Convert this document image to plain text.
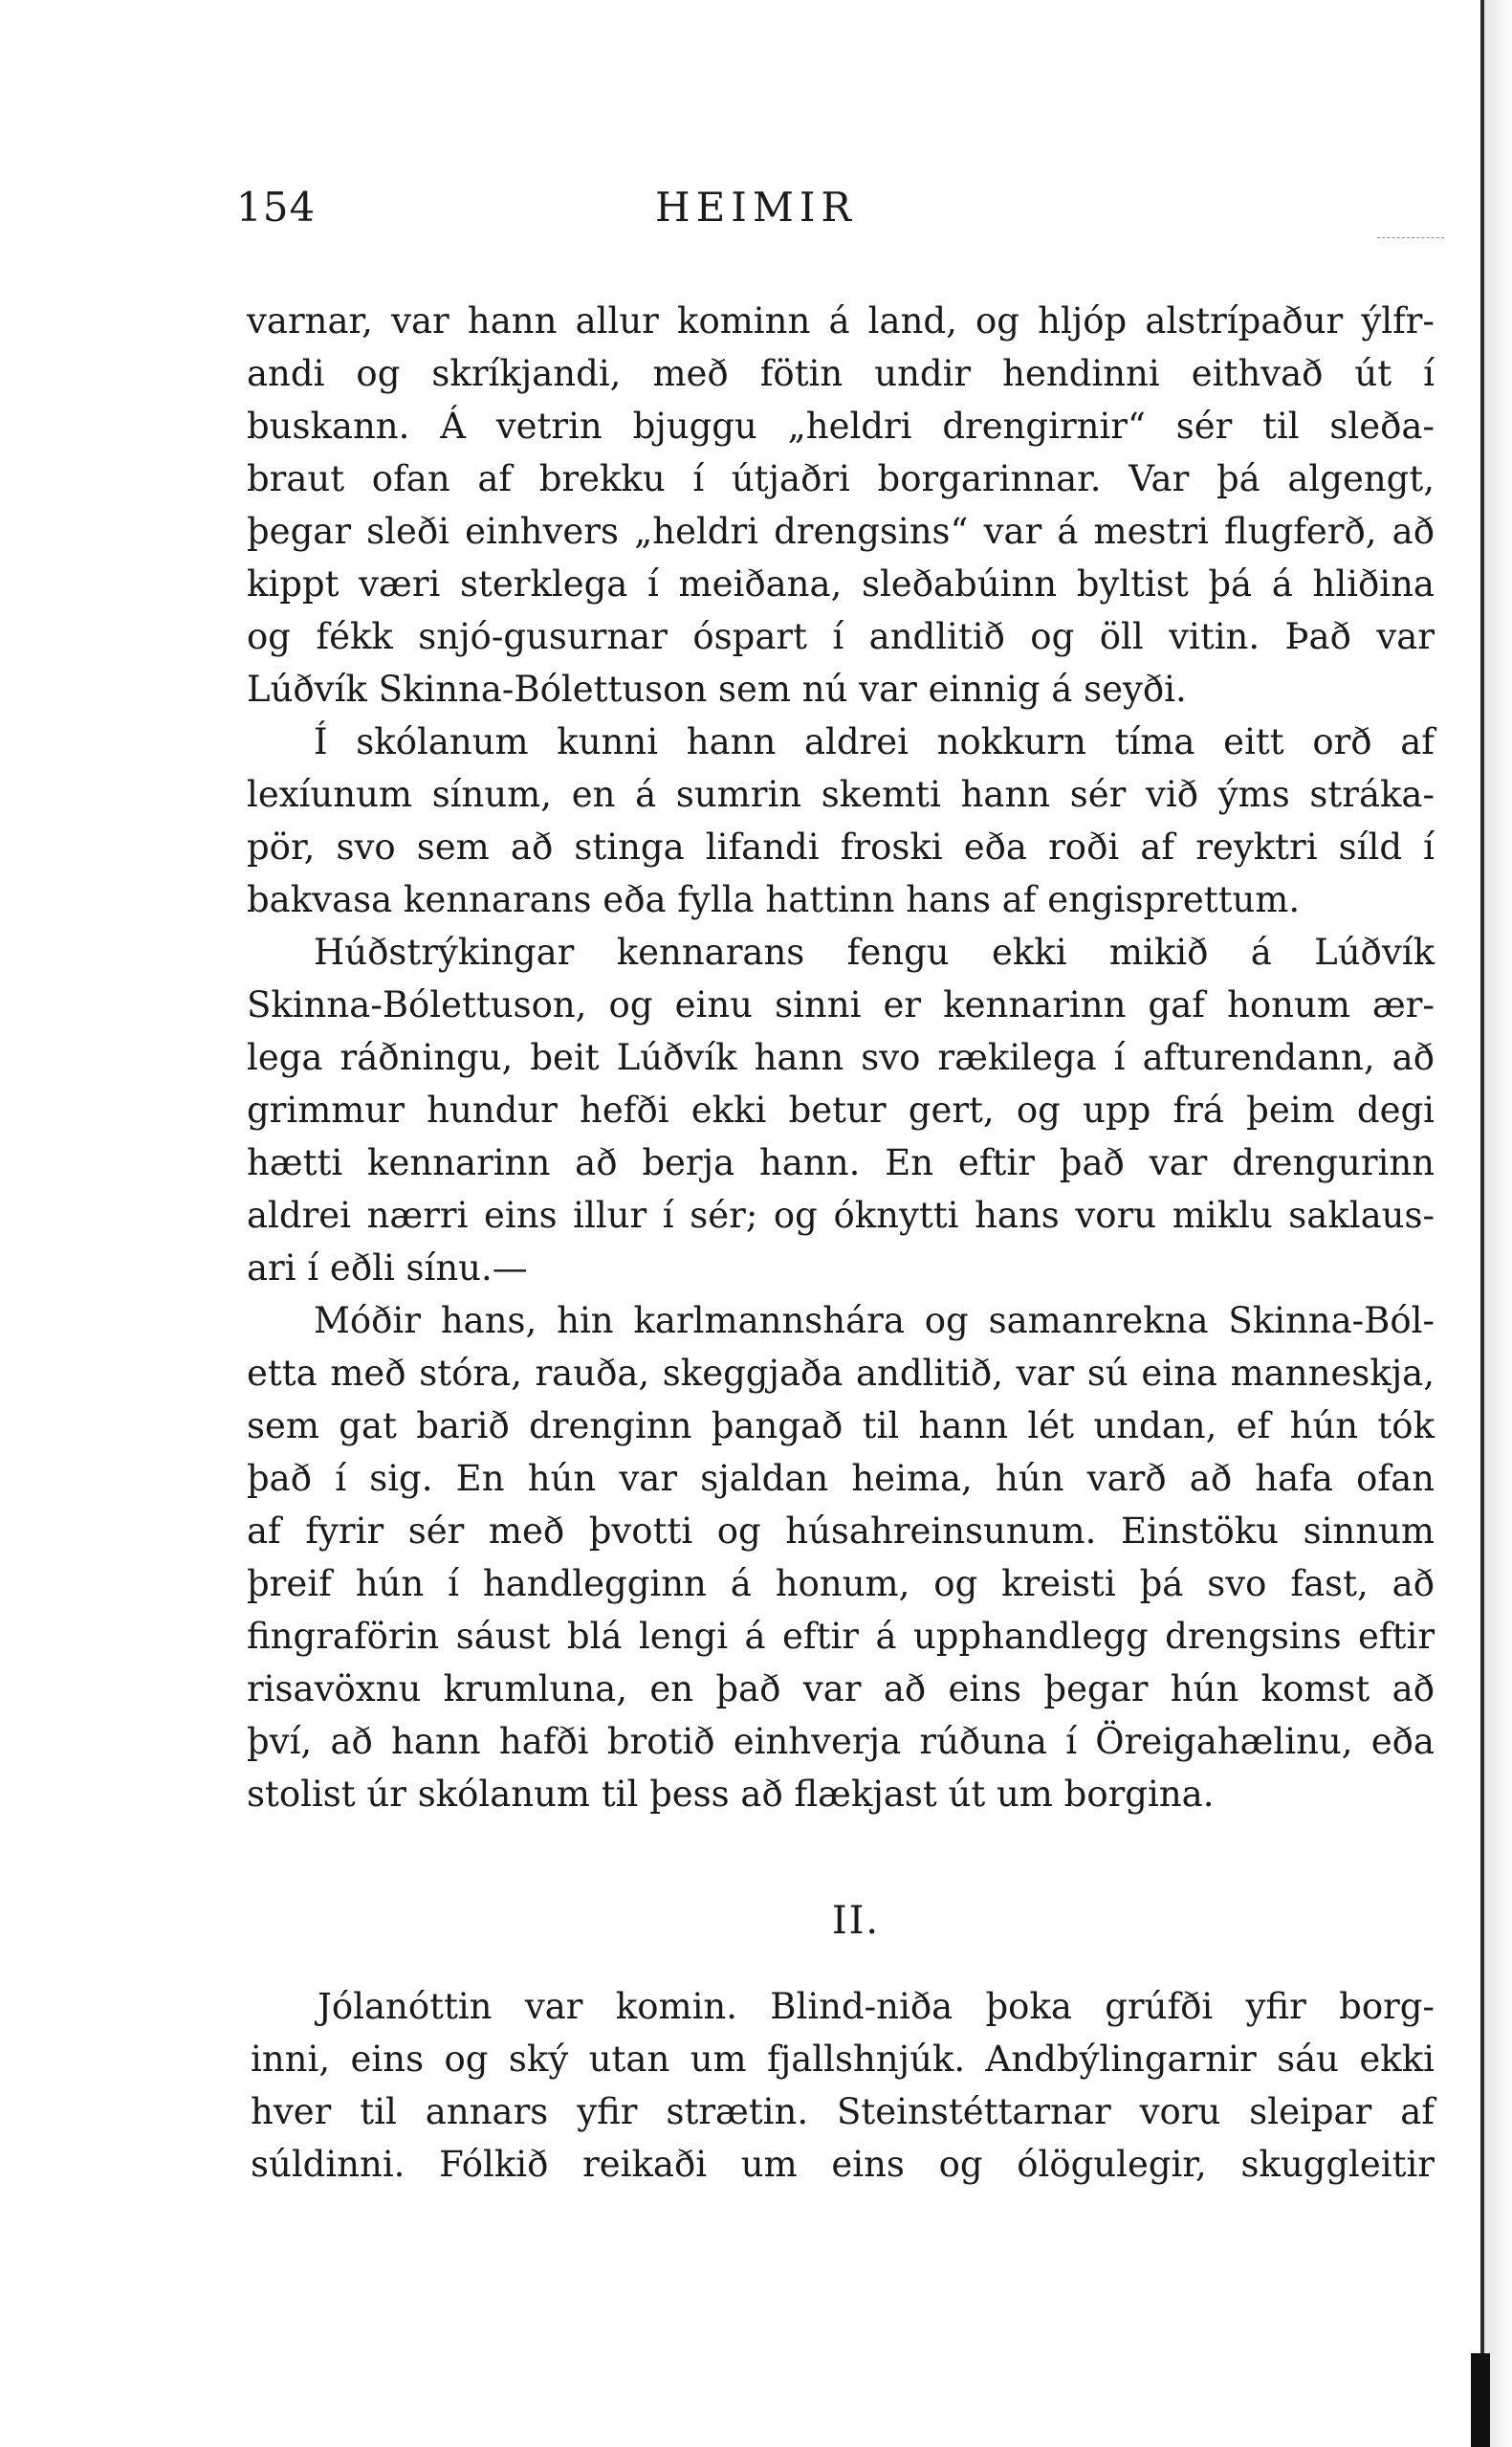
154	HEIMIR
varnar, var hann allur kominn á land, og hljóp alstrípaður ýlfr-
andi og skríkjandi, með fötin undir hendinni eithvað út í
buskann. Á vetrin bjuggu „heldri drengirnir“ sér til sleða-
braut ofan af brekku í útjaðri borgarinnar. Var þá algengt,
þegar sleði einhvers „heldri drengsins“ var á mestri flugferð, að
kippt væri sterklega í meiðana, sleðabúinn byltist þá á hliðina
og fékk snjó-gusurnar óspart í andlitið og öll vitin. Það var
Lúðvík Skinna-Bólettuson sem nú var einnig á seyði.
Í skólanum kunni hann aldrei nokkurn tíma eitt orð af
lexíunum sínum, en á sumrin skemti hann sér við ýms stráka-
pör, svo sem að stinga lifandi froski eða roði af reyktri síld í
bakvasa kennarans eða fylla hattinn hans af engisprettum.
Húðstrýkingar kennarans fengu ekki mikið á Lúðvík
Skinna-Bólettuson, og einu sinni er kennarinn gaf honum ær-
lega ráðningu, beit Lúðvík hann svo rækilega í afturendann, að
grimmur hundur hefði ekki betur gert, og upp frá þeim degi
hætti kennarinn að berja hann. En eftir það var drengurinn
aldrei nærri eins illur í sér; og óknytti hans voru miklu saklaus-
ari í eðli sínu.—
Móðir hans, hin karlmannshára og samanrekna Skinna-Ból-
etta með stóra, rauða, skeggjaða andlitið, var sú eina manneskja,
sem gat barið drenginn þangað til hann lét undan, ef hún tók
það í sig. En hún var sjaldan heima, hún varð að hafa ofan
af fyrir sér með þvotti og húsahreinsunum. Einstöku sinnum
þreif hún í handlegginn á honum, og kreisti þá svo fast, að
fingraförin sáust blá lengi á eftir á upphandlegg drengsins eftir
risavöxnu krumluna, en það var að eins þegar hún komst að
því, að hann hafði brotið einhverja rúðuna í Öreigahælinu, eða
stolist úr skólanum til þess að flækjast út um borgina.
II.
Jólanóttin var komin. Blind-niða þoka grúfði yfir borg-
inni, eins og ský utan um fjallshnjúk. Andbýlingarnir sáu ekki
hver til annars yfir strætin. Steinstéttarnar voru sleipar af
súldinni. Fólkið reikaði um eins og ólögulegir, skuggleitir
